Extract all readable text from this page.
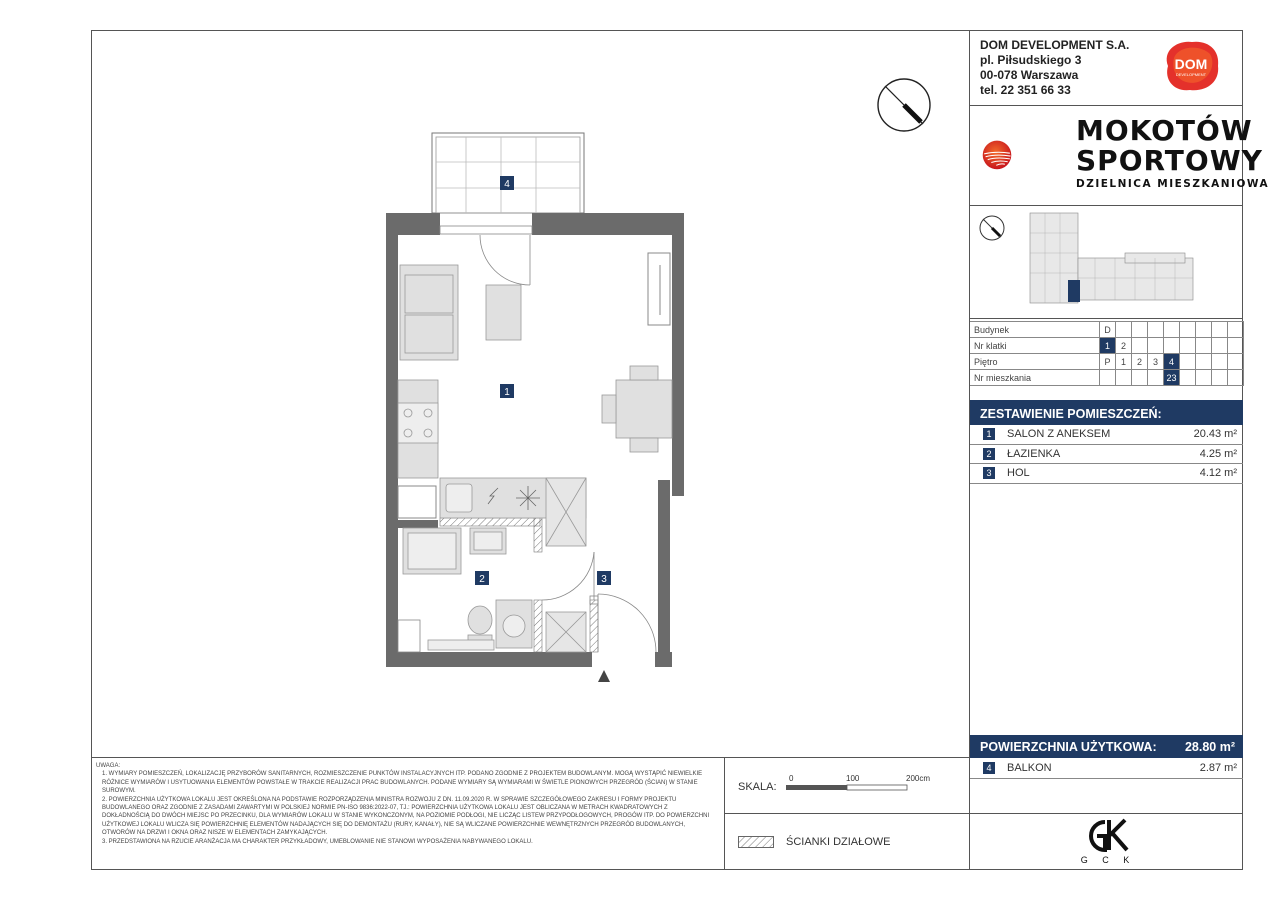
DOM DEVELOPMENT S.A.
pl. Piłsudskiego 3
00-078 Warszawa
tel. 22 351 66 33
DOM
DEVELOPMENT
MOKOTÓW
SPORTOWY
DZIELNICA MIESZKANIOWA
Budynek	D								
Nr klatki	1	2							
Piętro	P	1	2	3	4				
Nr mieszkania					23				
ZESTAWIENIE POMIESZCZEŃ:
1	SALON Z ANEKSEM	20.43 m²
2	ŁAZIENKA	4.25 m²
3	HOL	4.12 m²
POWIERZCHNIA UŻYTKOWA: 28.80 m²
4	BALKON	2.87 m²
4
1
2	3

UWAGA:

1. WYMIARY POMIESZCZEŃ, LOKALIZACJĘ PRZYBORÓW SANITARNYCH, ROZMIESZCZENIE PUNKTÓW INSTALACYJNYCH ITP. PODANO ZGODNIE Z PROJEKTEM BUDOWLANYM. MOGĄ WYSTĄPIĆ NIEWIELKIE RÓŻNICE WYMIARÓW I USYTUOWANIA ELEMENTÓW POWSTAŁE W TRAKCIE REALIZACJI PRAC BUDOWLANYCH. PODANE WYMIARY SĄ WYMIARAMI W ŚWIETLE PIONOWYCH PRZEGRÓD (ŚCIAN) W STANIE SUROWYM.

2. POWIERZCHNIA UŻYTKOWA LOKALU JEST OKREŚLONA NA PODSTAWIE ROZPORZĄDZENIA MINISTRA ROZWOJU Z DN. 11.09.2020 R. W SPRAWIE SZCZEGÓŁOWEGO ZAKRESU I FORMY PROJEKTU BUDOWLANEGO ORAZ ZGODNIE Z ZASADAMI ZAWARTYMI W POLSKIEJ NORMIE PN-ISO 9836:2022-07, TJ.: POWIERZCHNIA UŻYTKOWA LOKALU JEST OBLICZANA W METRACH KWADRATOWYCH Z DOKŁADNOŚCIĄ DO DWÓCH MIEJSC PO PRZECINKU, DLA WYMIARÓW LOKALU W STANIE WYKONCZONYM, NA POZIOMIE PODŁOGI, NIE LICZĄC LISTEW PRZYPODŁOGOWYCH, PROGÓW ITP. DO POWIERZCHNI UŻYTKOWEJ LOKALU WLICZA SIĘ POWIERZCHNIĘ ELEMENTÓW NADAJĄCYCH SIĘ DO DEMONTAŻU (RURY, KANAŁY), NIE SĄ WLICZANE POWIERZCHNIE WEWNĘTRZNYCH PRZEGRÓD BUDOWLANYCH, OTWORÓW NA DRZWI I OKNA ORAZ NISZE W ELEMENTACH ZAMYKAJĄCYCH.

3. PRZEDSTAWIONA NA RZUCIE ARANŻACJA MA CHARAKTER PRZYKŁADOWY, UMEBLOWANIE NIE STANOWI WYPOSAŻENIA NABYWANEGO LOKALU.

SKALA:
0	100	200cm
ŚCIANKI DZIAŁOWE
G C K
